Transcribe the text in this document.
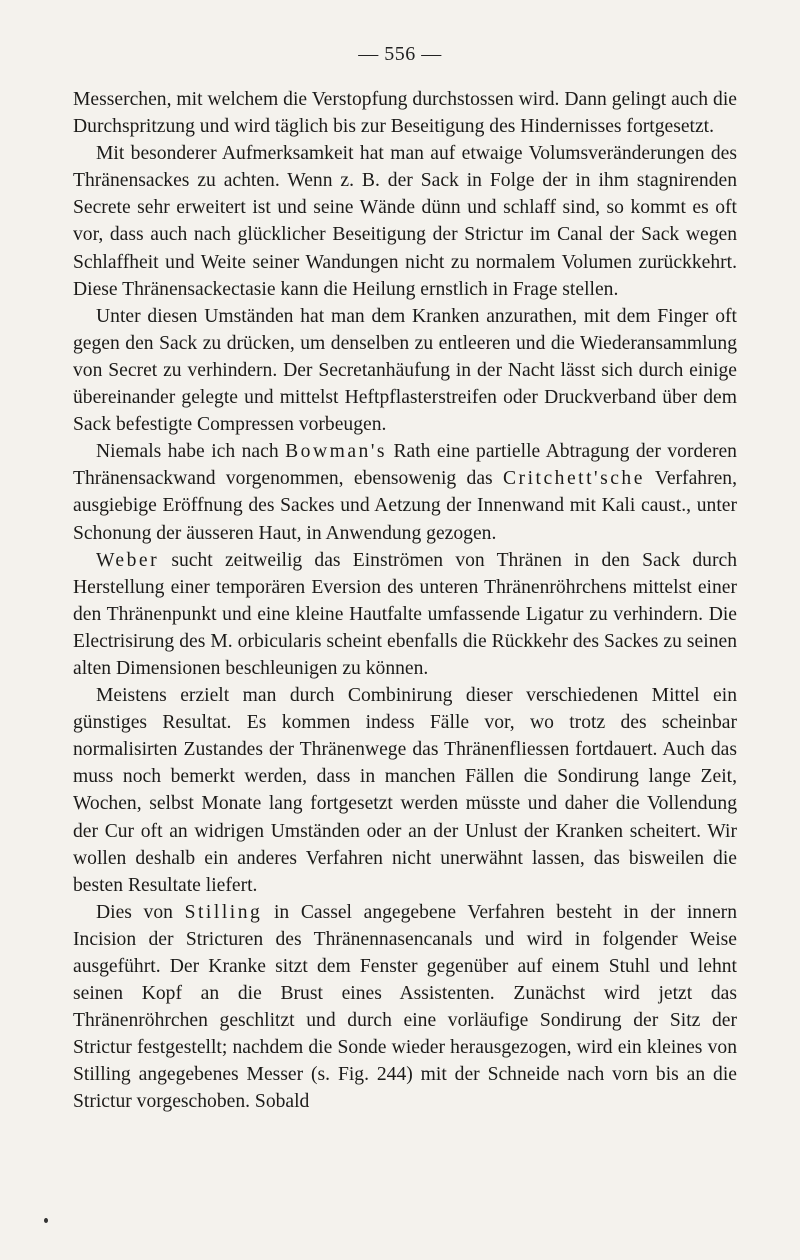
— 556 —

Messerchen, mit welchem die Verstopfung durchstossen wird. Dann gelingt auch die Durchspritzung und wird täglich bis zur Beseitigung des Hindernisses fortgesetzt.

Mit besonderer Aufmerksamkeit hat man auf etwaige Volumsveränderungen des Thränensackes zu achten. Wenn z. B. der Sack in Folge der in ihm stagnirenden Secrete sehr erweitert ist und seine Wände dünn und schlaff sind, so kommt es oft vor, dass auch nach glücklicher Beseitigung der Strictur im Canal der Sack wegen Schlaffheit und Weite seiner Wandungen nicht zu normalem Volumen zurückkehrt. Diese Thränensackectasie kann die Heilung ernstlich in Frage stellen.

Unter diesen Umständen hat man dem Kranken anzurathen, mit dem Finger oft gegen den Sack zu drücken, um denselben zu entleeren und die Wiederansammlung von Secret zu verhindern. Der Secretanhäufung in der Nacht lässt sich durch einige übereinander gelegte und mittelst Heftpflasterstreifen oder Druckverband über dem Sack befestigte Compressen vorbeugen.

Niemals habe ich nach Bowman's Rath eine partielle Abtragung der vorderen Thränensackwand vorgenommen, ebensowenig das Critchett'sche Verfahren, ausgiebige Eröffnung des Sackes und Aetzung der Innenwand mit Kali caust., unter Schonung der äusseren Haut, in Anwendung gezogen.

Weber sucht zeitweilig das Einströmen von Thränen in den Sack durch Herstellung einer temporären Eversion des unteren Thränenröhrchens mittelst einer den Thränenpunkt und eine kleine Hautfalte umfassende Ligatur zu verhindern. Die Electrisirung des M. orbicularis scheint ebenfalls die Rückkehr des Sackes zu seinen alten Dimensionen beschleunigen zu können.

Meistens erzielt man durch Combinirung dieser verschiedenen Mittel ein günstiges Resultat. Es kommen indess Fälle vor, wo trotz des scheinbar normalisirten Zustandes der Thränenwege das Thränenfliessen fortdauert. Auch das muss noch bemerkt werden, dass in manchen Fällen die Sondirung lange Zeit, Wochen, selbst Monate lang fortgesetzt werden müsste und daher die Vollendung der Cur oft an widrigen Umständen oder an der Unlust der Kranken scheitert. Wir wollen deshalb ein anderes Verfahren nicht unerwähnt lassen, das bisweilen die besten Resultate liefert.

Dies von Stilling in Cassel angegebene Verfahren besteht in der innern Incision der Stricturen des Thränennasencanals und wird in folgender Weise ausgeführt. Der Kranke sitzt dem Fenster gegenüber auf einem Stuhl und lehnt seinen Kopf an die Brust eines Assistenten. Zunächst wird jetzt das Thränenröhrchen geschlitzt und durch eine vorläufige Sondirung der Sitz der Strictur festgestellt; nachdem die Sonde wieder herausgezogen, wird ein kleines von Stilling angegebenes Messer (s. Fig. 244) mit der Schneide nach vorn bis an die Strictur vorgeschoben. Sobald
